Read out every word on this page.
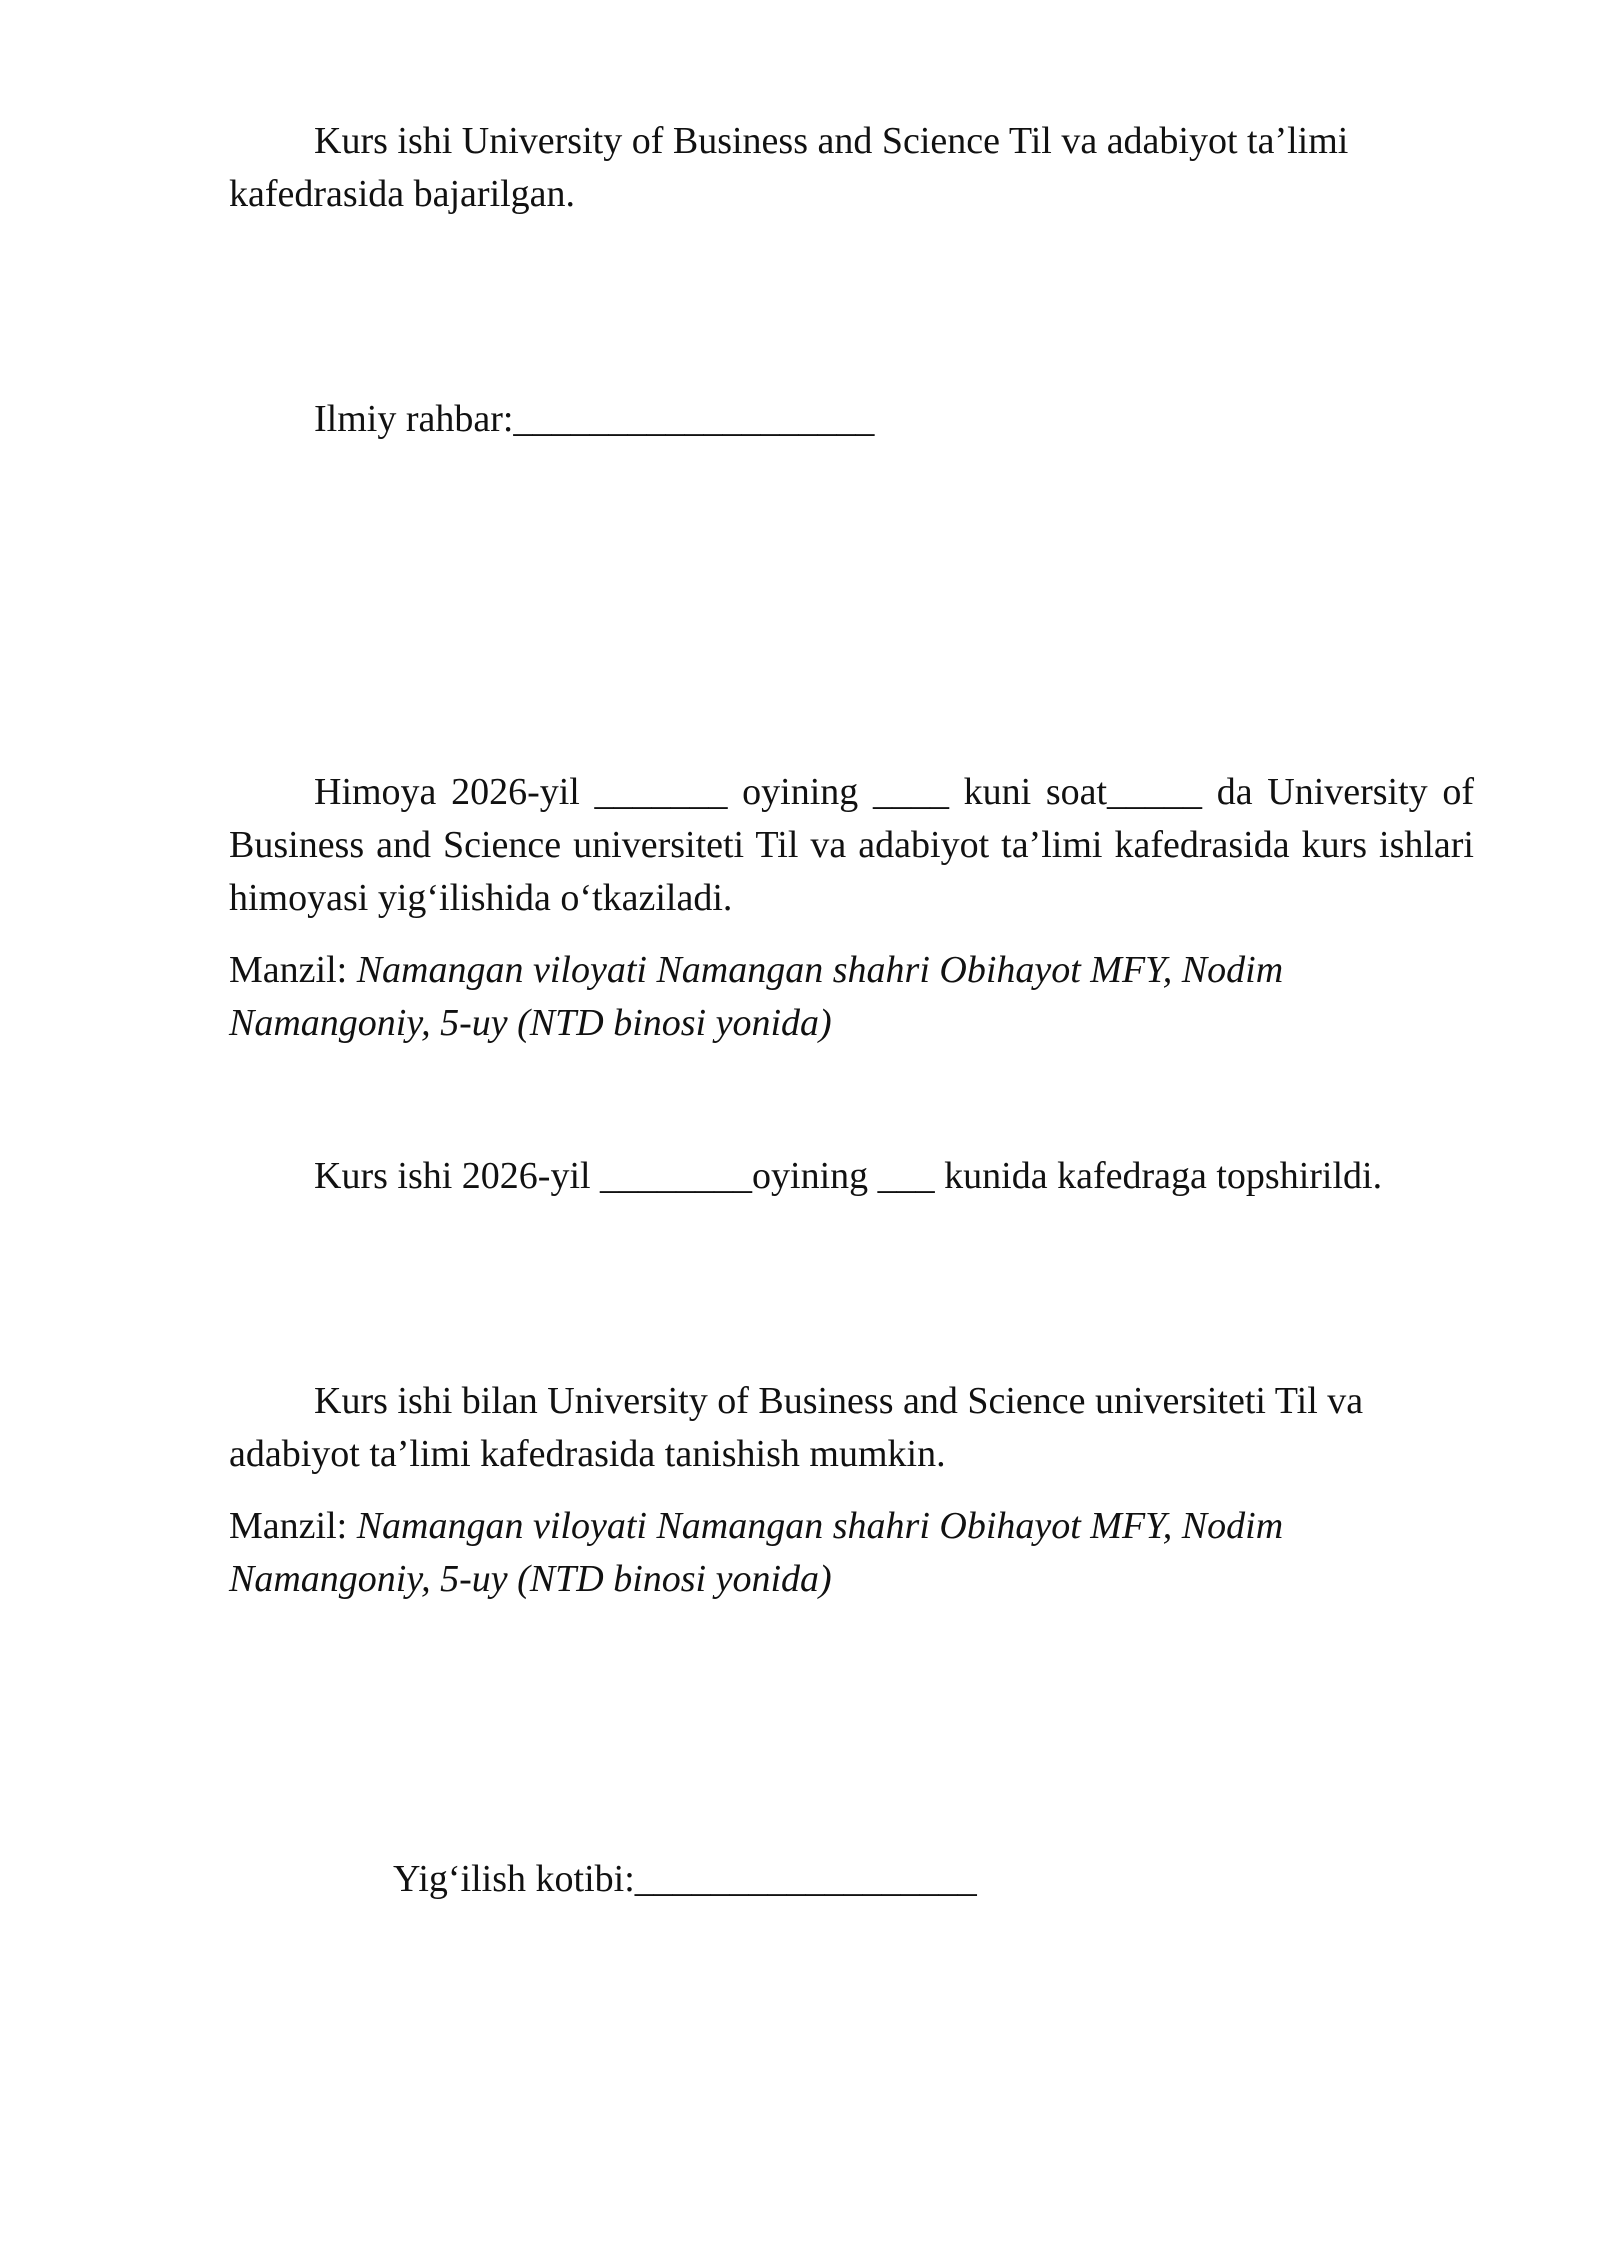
Kurs ishi University of Business and Science Til va adabiyot ta’limi kafedrasida bajarilgan.

Ilmiy rahbar:___________________

Himoya 2026-yil _______ oyining ____ kuni soat_____ da University of Business and Science universiteti Til va adabiyot ta’limi kafedrasida kurs ishlari himoyasi yig‘ilishida o‘tkaziladi.

Manzil: Namangan viloyati Namangan shahri Obihayot MFY, Nodim Namangoniy, 5-uy (NTD binosi yonida)

Kurs ishi 2026-yil ________oyining ___ kunida kafedraga topshirildi.

Kurs ishi bilan University of Business and Science universiteti Til va adabiyot ta’limi kafedrasida tanishish mumkin.

Manzil: Namangan viloyati Namangan shahri Obihayot MFY, Nodim Namangoniy, 5-uy (NTD binosi yonida)

Yig‘ilish kotibi:__________________
